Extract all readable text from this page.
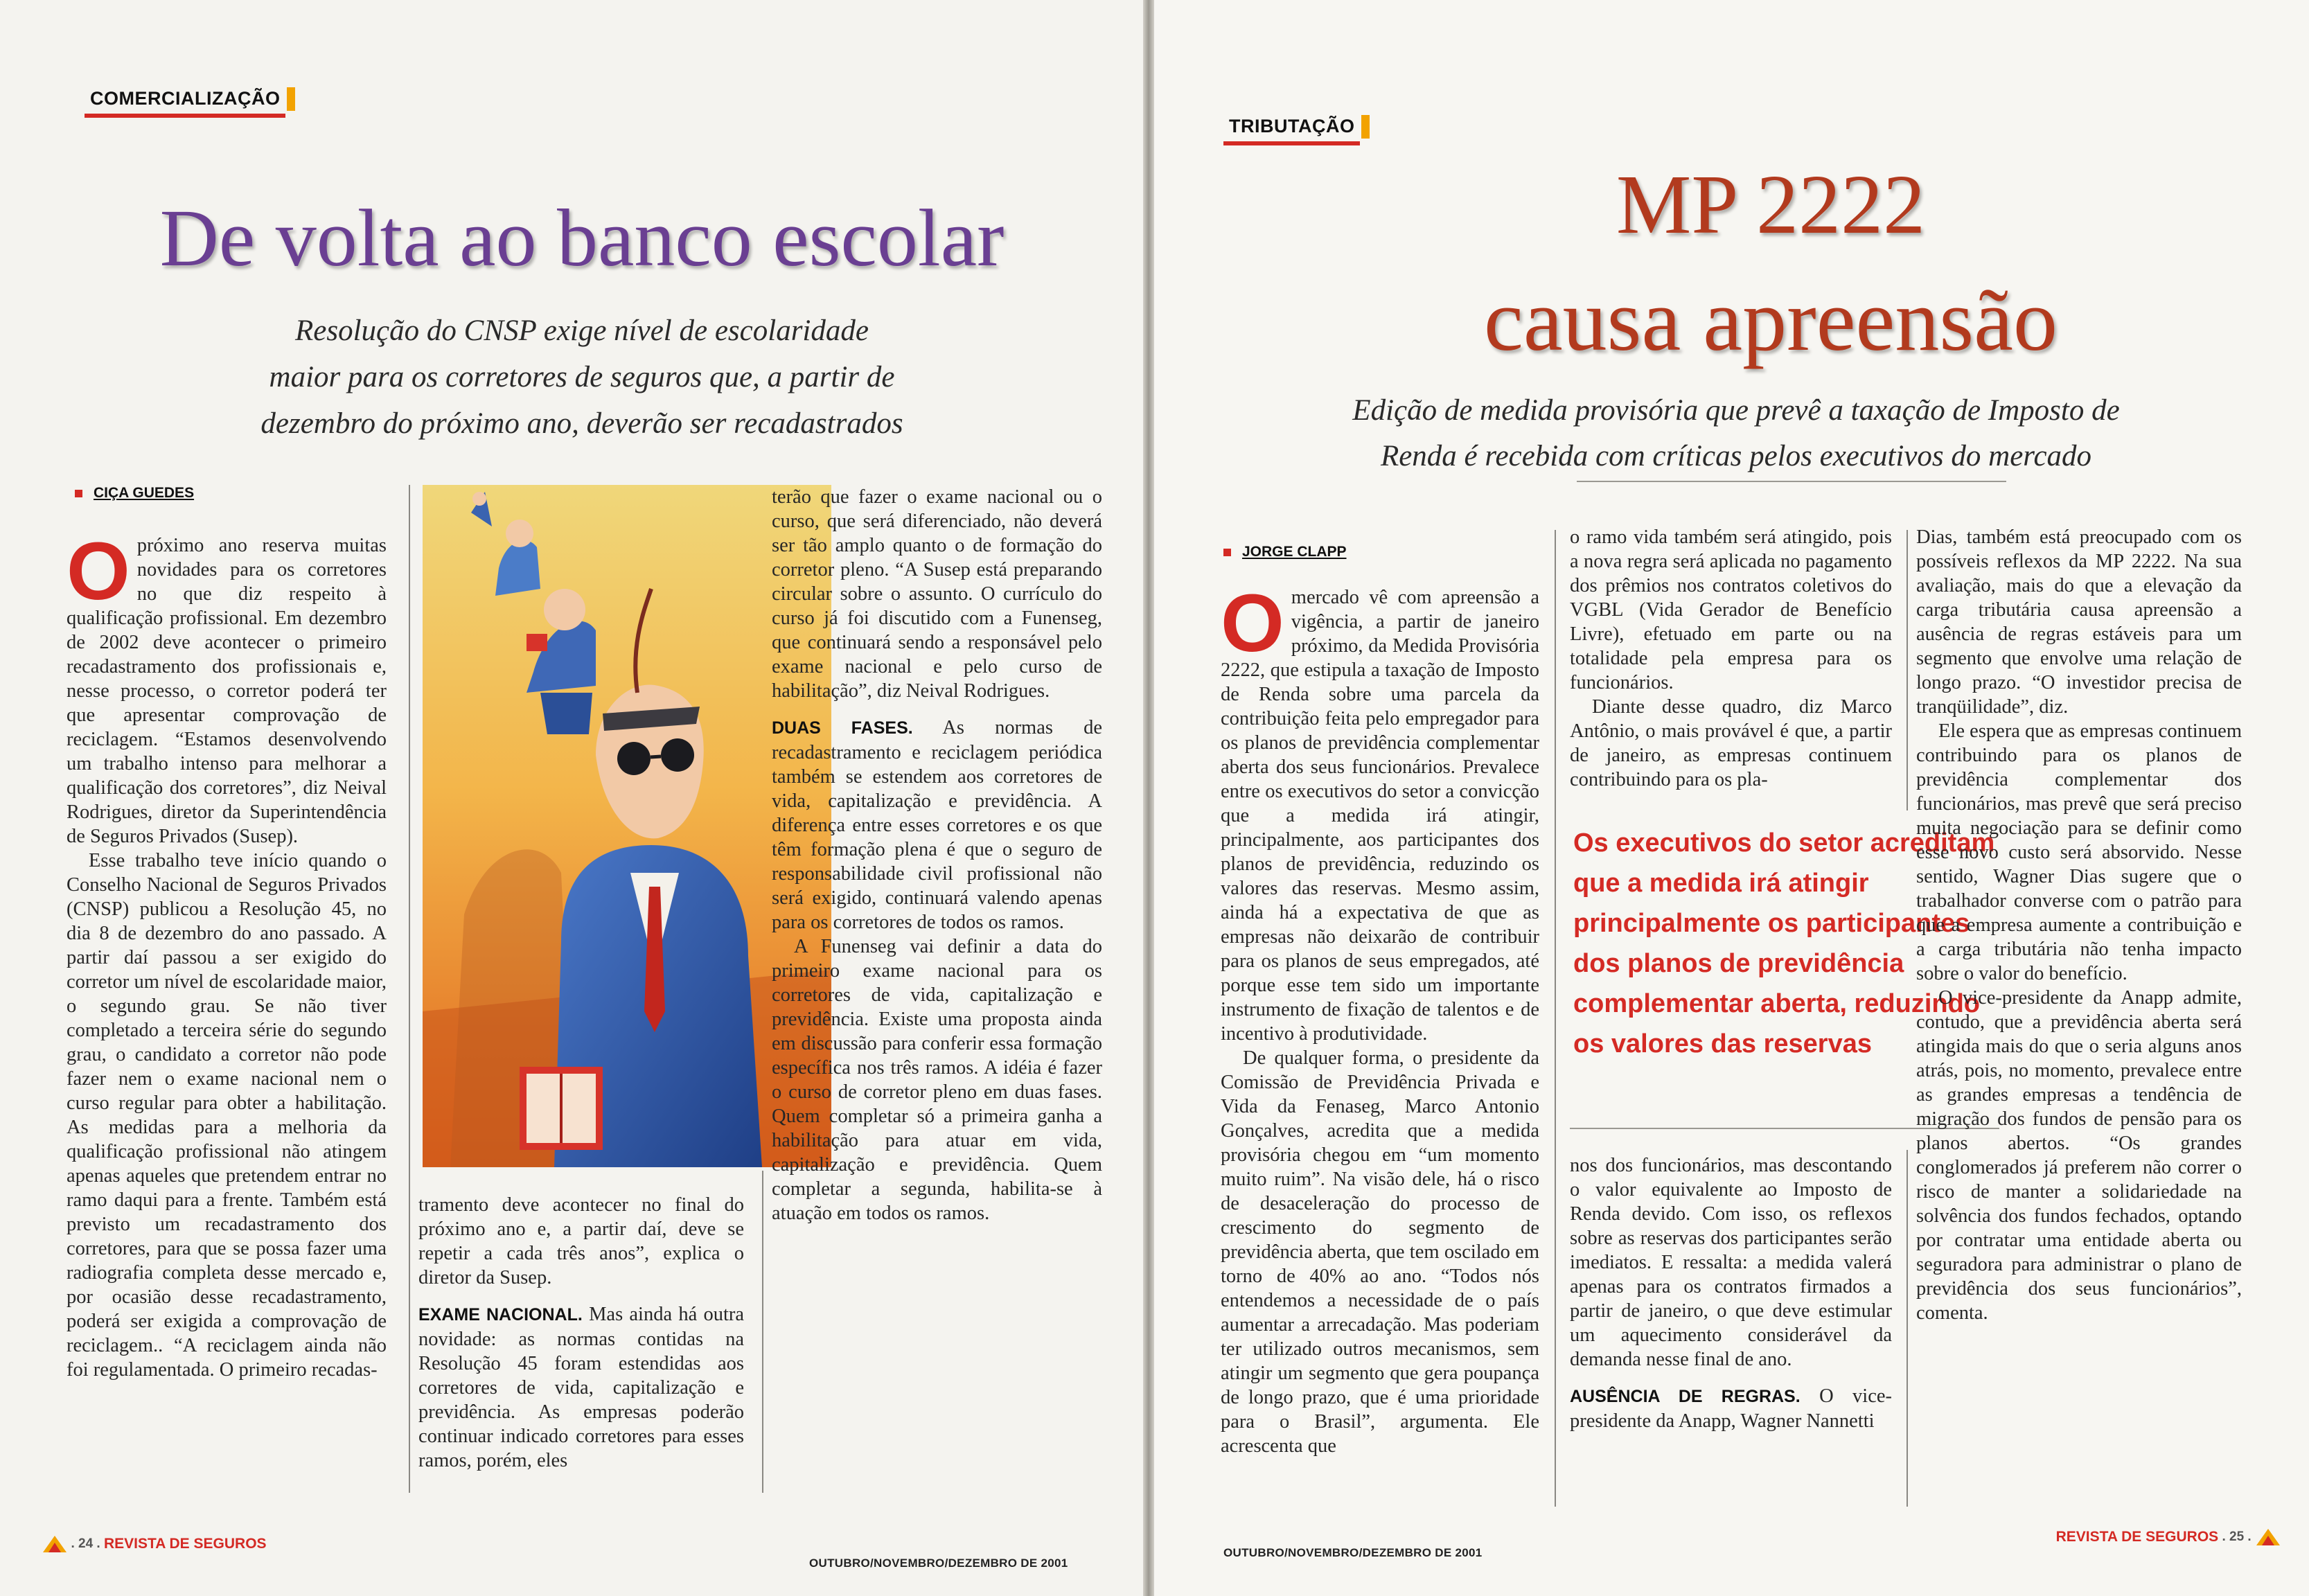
COMERCIALIZAÇÃO
De volta ao banco escolar
Resolução do CNSP exige nível de escolaridade
maior para os corretores de seguros que, a partir de
dezembro do próximo ano, deverão ser recadastrados
CIÇA GUEDES

Opróximo ano reserva muitas novidades para os corretores no que diz respeito à qualificação profissional. Em dezembro de 2002 deve acontecer o primeiro recadastramento dos profissionais e, nesse processo, o corretor poderá ter que apresentar comprovação de reciclagem. “Estamos desenvolvendo um trabalho intenso para melhorar a qualificação dos corretores”, diz Neival Rodrigues, diretor da Superintendência de Seguros Privados (Susep).

Esse trabalho teve início quando o Conselho Nacional de Seguros Privados (CNSP) publicou a Resolução 45, no dia 8 de dezembro do ano passado. A partir daí passou a ser exigido do corretor um nível de escolaridade maior, o segundo grau. Se não tiver completado a terceira série do segundo grau, o candidato a corretor não pode fazer nem o exame nacional nem o curso regular para obter a habilitação. As medidas para a melhoria da qualificação profissional não atingem apenas aqueles que pretendem entrar no ramo daqui para a frente. Também está previsto um recadastramento dos corretores, para que se possa fazer uma radiografia completa desse mercado e, por ocasião desse recadastramento, poderá ser exigida a comprovação de reciclagem.. “A reciclagem ainda não foi regulamentada. O primeiro recadas-

tramento deve acontecer no final do próximo ano e, a partir daí, deve se repetir a cada três anos”, explica o diretor da Susep.

EXAME NACIONAL. Mas ainda há outra novidade: as normas contidas na Resolução 45 foram estendidas aos corretores de vida, capitalização e previdência. As empresas poderão continuar indicado corretores para esses ramos, porém, eles

terão que fazer o exame nacional ou o curso, que será diferenciado, não deverá ser tão amplo quanto o de formação do corretor pleno. “A Susep está preparando circular sobre o assunto. O currículo do curso já foi discutido com a Funenseg, que continuará sendo a responsável pelo exame nacional e pelo curso de habilitação”, diz Neival Rodrigues.

DUAS FASES. As normas de recadastramento e reciclagem periódica também se estendem aos corretores de vida, capitalização e previdência. A diferença entre esses corretores e os que têm formação plena é que o seguro de responsabilidade civil profissional não será exigido, continuará valendo apenas para os corretores de todos os ramos.

A Funenseg vai definir a data do primeiro exame nacional para os corretores de vida, capitalização e previdência. Existe uma proposta ainda em discussão para conferir essa formação específica nos três ramos. A idéia é fazer o curso de corretor pleno em duas fases. Quem completar só a primeira ganha a habilitação para atuar em vida, capitalização e previdência. Quem completar a segunda, habilita-se à atuação em todos os ramos.

. 24 . REVISTA DE SEGUROS
OUTUBRO/NOVEMBRO/DEZEMBRO DE 2001
TRIBUTAÇÃO
MP 2222
causa apreensão
Edição de medida provisória que prevê a taxação de Imposto de
Renda é recebida com críticas pelos executivos do mercado
JORGE CLAPP

Omercado vê com apreensão a vigência, a partir de janeiro próximo, da Medida Provisória 2222, que estipula a taxação de Imposto de Renda sobre uma parcela da contribuição feita pelo empregador para os planos de previdência complementar aberta dos seus funcionários. Prevalece entre os executivos do setor a convicção que a medida irá atingir, principalmente, aos participantes dos planos de previdência, reduzindo os valores das reservas. Mesmo assim, ainda há a expectativa de que as empresas não deixarão de contribuir para os planos de seus empregados, até porque esse tem sido um importante instrumento de fixação de talentos e de incentivo à produtividade.

De qualquer forma, o presidente da Comissão de Previdência Privada e Vida da Fenaseg, Marco Antonio Gonçalves, acredita que a medida provisória chegou em “um momento muito ruim”. Na visão dele, há o risco de desaceleração do processo de crescimento do segmento de previdência aberta, que tem oscilado em torno de 40% ao ano. “Todos nós entendemos a necessidade de o país aumentar a arrecadação. Mas poderiam ter utilizado outros mecanismos, sem atingir um segmento que gera poupança de longo prazo, que é uma prioridade para o Brasil”, argumenta. Ele acrescenta que

o ramo vida também será atingido, pois a nova regra será aplicada no pagamento dos prêmios nos contratos coletivos do VGBL (Vida Gerador de Benefício Livre), efetuado em parte ou na totalidade pela empresa para os funcionários.

Diante desse quadro, diz Marco Antônio, o mais provável é que, a partir de janeiro, as empresas continuem contribuindo para os pla-

Os executivos do setor acreditam que a medida irá atingir principalmente os participantes dos planos de previdência complementar aberta, reduzindo os valores das reservas

nos dos funcionários, mas descontando o valor equivalente ao Imposto de Renda devido. Com isso, os reflexos sobre as reservas dos participantes serão imediatos. E ressalta: a medida valerá apenas para os contratos firmados a partir de janeiro, o que deve estimular um aquecimento considerável da demanda nesse final de ano.

AUSÊNCIA DE REGRAS. O vice-presidente da Anapp, Wagner Nannetti

Dias, também está preocupado com os possíveis reflexos da MP 2222. Na sua avaliação, mais do que a elevação da carga tributária causa apreensão a ausência de regras estáveis para um segmento que envolve uma relação de longo prazo. “O investidor precisa de tranqüilidade”, diz.

Ele espera que as empresas continuem contribuindo para os planos de previdência complementar dos funcionários, mas prevê que será preciso muita negociação para se definir como esse novo custo será absorvido. Nesse sentido, Wagner Dias sugere que o trabalhador converse com o patrão para que a empresa aumente a contribuição e a carga tributária não tenha impacto sobre o valor do benefício.

O vice-presidente da Anapp admite, contudo, que a previdência aberta será atingida mais do que o seria alguns anos atrás, pois, no momento, prevalece entre as grandes empresas a tendência de migração dos fundos de pensão para os planos abertos. “Os grandes conglomerados já preferem não correr o risco de manter a solidariedade na solvência dos fundos fechados, optando por contratar uma entidade aberta ou seguradora para administrar o plano de previdência dos seus funcionários”, comenta.

OUTUBRO/NOVEMBRO/DEZEMBRO DE 2001
REVISTA DE SEGUROS . 25 .
